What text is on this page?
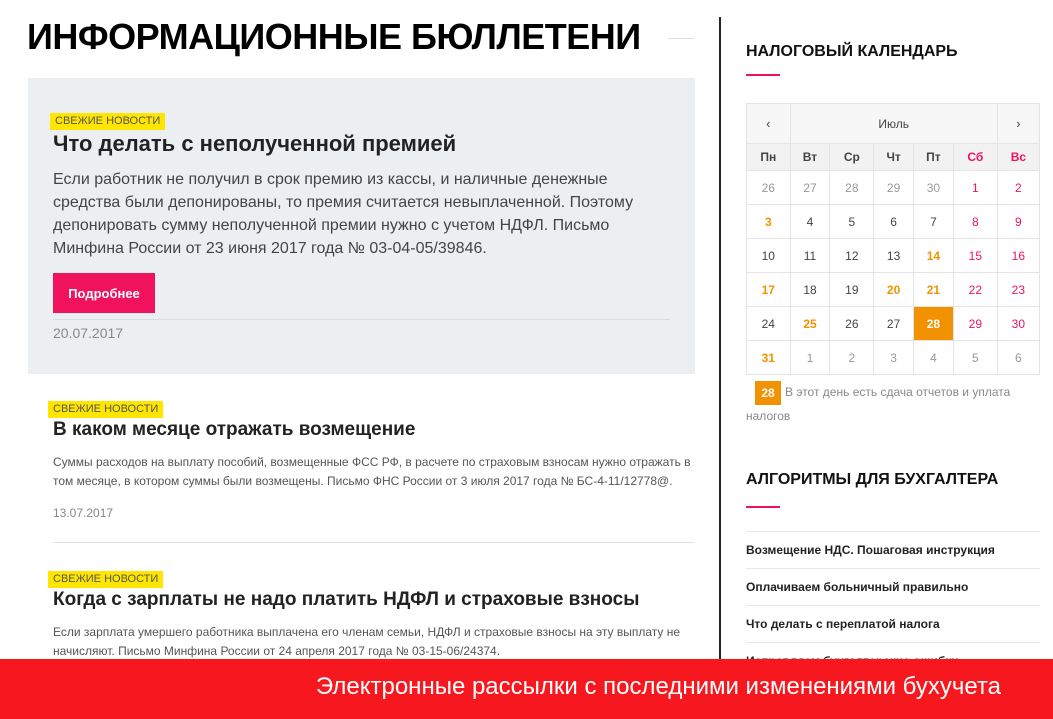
ИНФОРМАЦИОННЫЕ БЮЛЛЕТЕНИ
СВЕЖИЕ НОВОСТИ
Что делать с неполученной премией

Если работник не получил в срок премию из кассы, и наличные денежные средства были депонированы, то премия считается невыплаченной. Поэтому депонировать сумму неполученной премии нужно с учетом НДФЛ. Письмо Минфина России от 23 июня 2017 года № 03-04-05/39846.

Подробнее
20.07.2017
СВЕЖИЕ НОВОСТИ
В каком месяце отражать возмещение

Суммы расходов на выплату пособий, возмещенные ФСС РФ, в расчете по страховым взносам нужно отражать в том месяце, в котором суммы были возмещены. Письмо ФНС России от 3 июля 2017 года № БС-4-11/12778@.

13.07.2017
СВЕЖИЕ НОВОСТИ
Когда с зарплаты не надо платить НДФЛ и страховые взносы

Если зарплата умершего работника выплачена его членам семьи, НДФЛ и страховые взносы на эту выплату не начисляют. Письмо Минфина России от 24 апреля 2017 года № 03-15-06/24374.

НАЛОГОВЫЙ КАЛЕНДАРЬ
‹	Июль					›
Пн	Вт	Ср	Чт	Пт	Сб	Вс
26	27	28	29	30	1	2
3	4	5	6	7	8	9
10	11	12	13	14	15	16
17	18	19	20	21	22	23
24	25	26	27	28	29	30
31	1	2	3	4	5	6
28 В этот день есть сдача отчетов и уплата налогов
АЛГОРИТМЫ ДЛЯ БУХГАЛТЕРА
Возмещение НДС. Пошаговая инструкция
Оплачиваем больничный правильно
Что делать с переплатой налога
Электронные рассылки с последними изменениями бухучета
